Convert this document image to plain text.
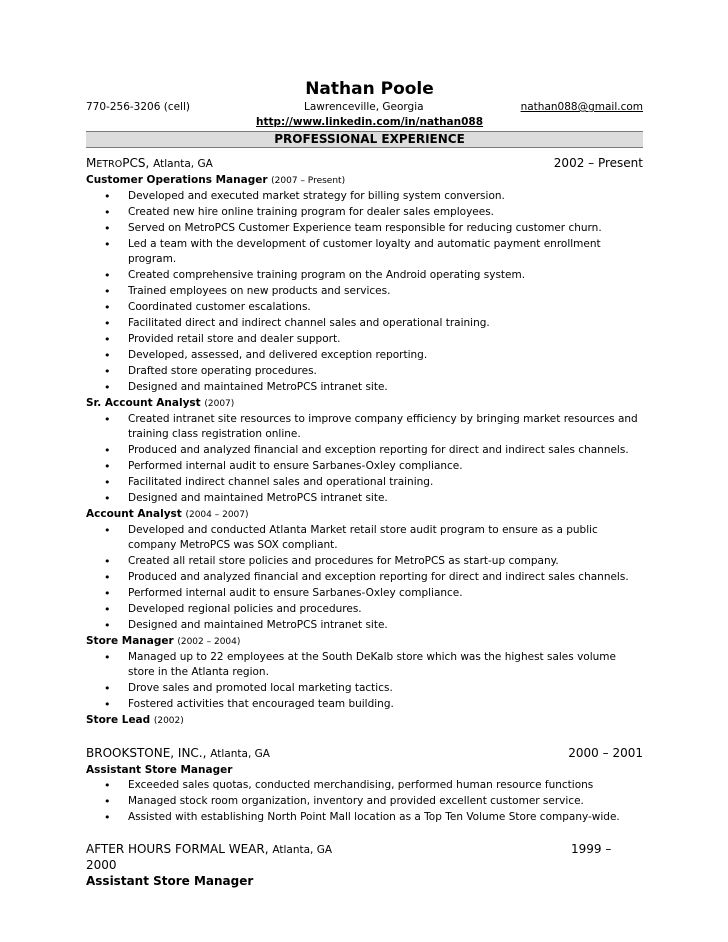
Nathan Poole
770-256-3206 (cell)	Lawrenceville, Georgia	nathan088@gmail.com
http://www.linkedin.com/in/nathan088
PROFESSIONAL EXPERIENCE
METROPCS, Atlanta, GA	2002 – Present
Customer Operations Manager (2007 – Present)
• Developed and executed market strategy for billing system conversion.
• Created new hire online training program for dealer sales employees.
• Served on MetroPCS Customer Experience team responsible for reducing customer churn.
• Led a team with the development of customer loyalty and automatic payment enrollment program.
• Created comprehensive training program on the Android operating system.
• Trained employees on new products and services.
• Coordinated customer escalations.
• Facilitated direct and indirect channel sales and operational training.
• Provided retail store and dealer support.
• Developed, assessed, and delivered exception reporting.
• Drafted store operating procedures.
• Designed and maintained MetroPCS intranet site.
Sr. Account Analyst (2007)
• Created intranet site resources to improve company efficiency by bringing market resources and training class registration online.
• Produced and analyzed financial and exception reporting for direct and indirect sales channels.
• Performed internal audit to ensure Sarbanes-Oxley compliance.
• Facilitated indirect channel sales and operational training.
• Designed and maintained MetroPCS intranet site.
Account Analyst (2004 – 2007)
• Developed and conducted Atlanta Market retail store audit program to ensure as a public company MetroPCS was SOX compliant.
• Created all retail store policies and procedures for MetroPCS as start-up company.
• Produced and analyzed financial and exception reporting for direct and indirect sales channels.
• Performed internal audit to ensure Sarbanes-Oxley compliance.
• Developed regional policies and procedures.
• Designed and maintained MetroPCS intranet site.
Store Manager (2002 – 2004)
• Managed up to 22 employees at the South DeKalb store which was the highest sales volume store in the Atlanta region.
• Drove sales and promoted local marketing tactics.
• Fostered activities that encouraged team building.
Store Lead (2002)
BROOKSTONE, INC., Atlanta, GA	2000 – 2001
Assistant Store Manager
• Exceeded sales quotas, conducted merchandising, performed human resource functions
• Managed stock room organization, inventory and provided excellent customer service.
• Assisted with establishing North Point Mall location as a Top Ten Volume Store company-wide.
AFTER HOURS FORMAL WEAR, Atlanta, GA	1999 –
2000
Assistant Store Manager
